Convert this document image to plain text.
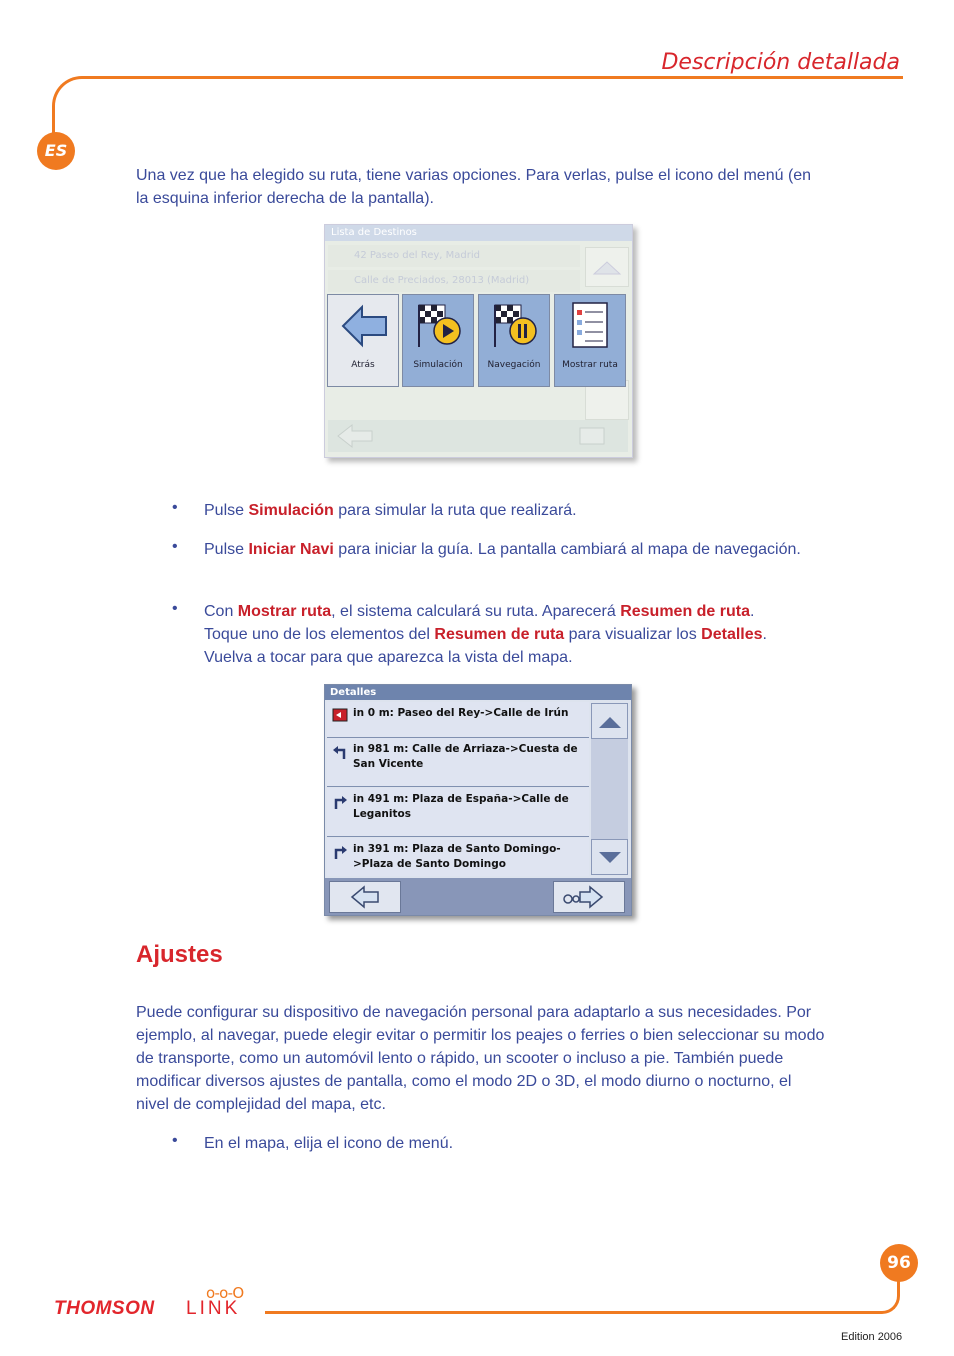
Descripción detallada
ES
Una vez que ha elegido su ruta, tiene varias opciones. Para verlas, pulse el icono del menú (en la esquina inferior derecha de la pantalla).
Lista de Destinos
42 Paseo del Rey, Madrid
Calle de Preciados, 28013 (Madrid)
Atrás	Simulación	Navegación	Mostrar ruta
• Pulse Simulación para simular la ruta que realizará.
• Pulse Iniciar Navi para iniciar la guía. La pantalla cambiará al mapa de navegación.
• Con Mostrar ruta, el sistema calculará su ruta. Aparecerá Resumen de ruta. Toque uno de los elementos del Resumen de ruta para visualizar los Detalles. Vuelva a tocar para que aparezca la vista del mapa.
Detalles
in 0 m: Paseo del Rey->Calle de Irún
in 981 m: Calle de Arriaza->Cuesta de San Vicente
in 491 m: Plaza de España->Calle de Leganitos
in 391 m: Plaza de Santo Domingo->Plaza de Santo Domingo
Ajustes
Puede configurar su dispositivo de navegación personal para adaptarlo a sus necesidades. Por ejemplo, al navegar, puede elegir evitar o permitir los peajes o ferries o bien seleccionar su modo de transporte, como un automóvil lento o rápido, un scooter o incluso a pie. También puede modificar diversos ajustes de pantalla, como el modo 2D o 3D, el modo diurno o nocturno, el nivel de complejidad del mapa, etc.
• En el mapa, elija el icono de menú.
96
THOMSON LINK
o-o-O
Edition 2006
